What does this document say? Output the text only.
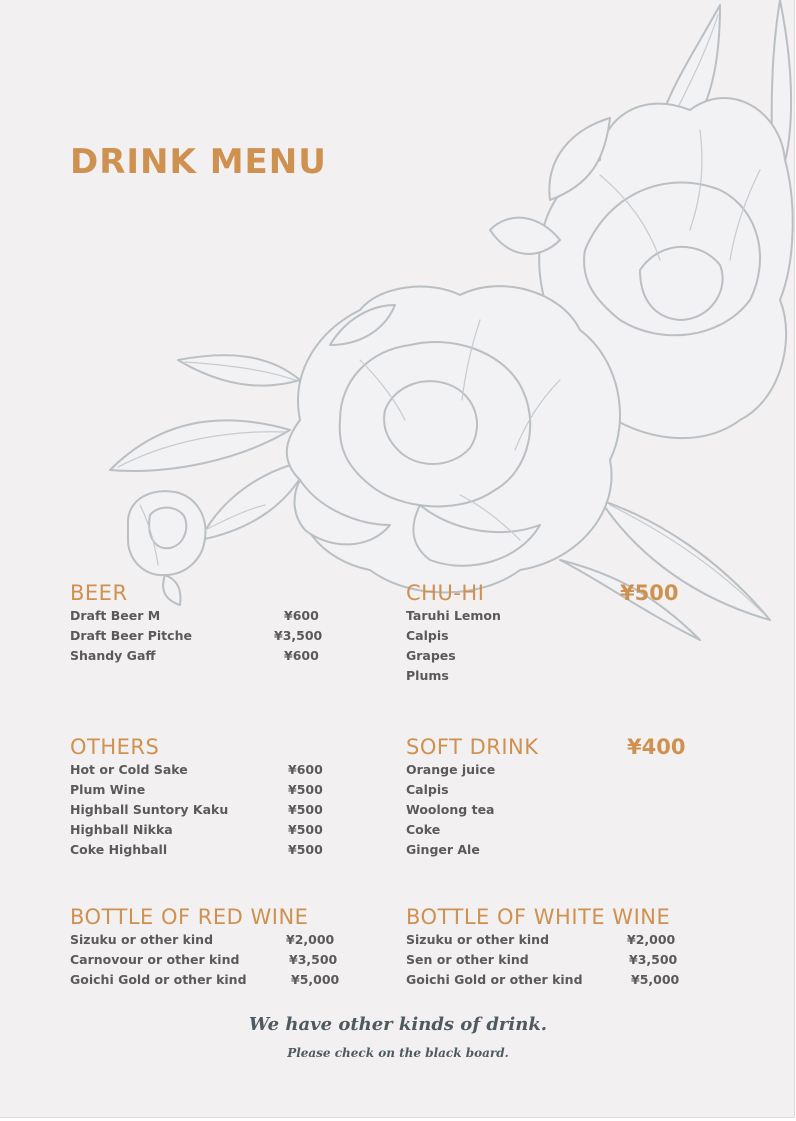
DRINK MENU
BEER
Draft Beer M	¥600
Draft Beer Pitche	¥3,500
Shandy Gaff	¥600
CHU-HI	¥500
Taruhi Lemon
Calpis
Grapes
Plums
OTHERS
Hot or Cold Sake	¥600
Plum Wine	¥500
Highball Suntory Kaku	¥500
Highball Nikka	¥500
Coke Highball	¥500
SOFT DRINK	¥400
Orange juice
Calpis
Woolong tea
Coke
Ginger Ale
BOTTLE OF RED WINE
Sizuku or other kind	¥2,000
Carnovour or other kind	¥3,500
Goichi Gold or other kind	¥5,000
BOTTLE OF WHITE WINE
Sizuku or other kind	¥2,000
Sen or other kind	¥3,500
Goichi Gold or other kind	¥5,000
We have other kinds of drink.
Please check on the black board.
